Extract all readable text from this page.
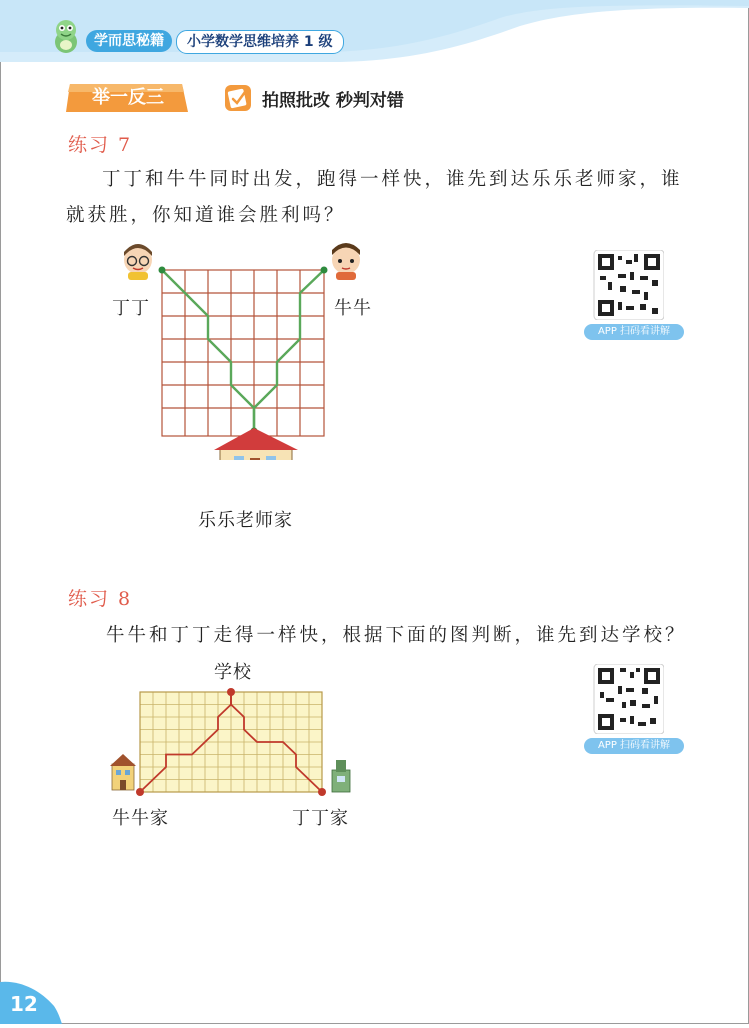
学而思秘籍	小学数学思维培养 1 级
举一反三	拍照批改 秒判对错
练习 7
丁丁和牛牛同时出发，跑得一样快，谁先到达乐乐老师家，谁
就获胜，你知道谁会胜利吗？
丁丁	牛牛
乐乐老师家
APP 扫码看讲解
练习 8
牛牛和丁丁走得一样快，根据下面的图判断，谁先到达学校？
学校
牛牛家	丁丁家
APP 扫码看讲解
12
